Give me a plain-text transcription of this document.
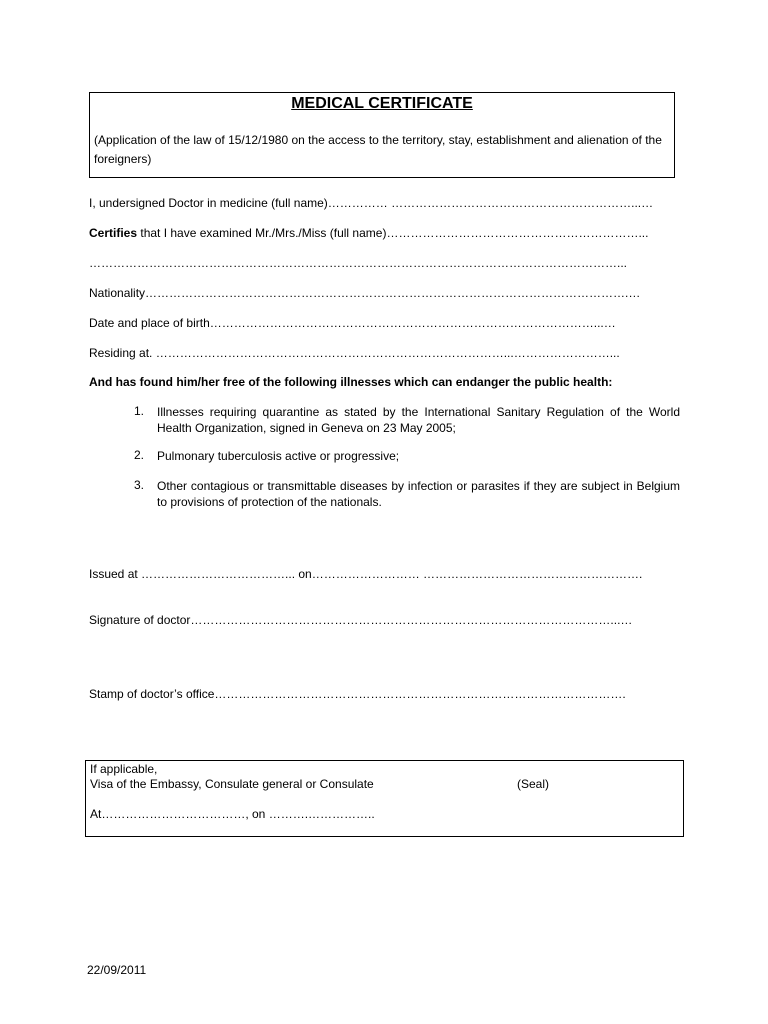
MEDICAL CERTIFICATE
(Application of the law of 15/12/1980 on the access to the territory, stay, establishment and alienation of the foreigners)
I, undersigned Doctor in medicine (full name)…………… ……………………………………………………...…
Certifies that I have examined Mr./Mrs./Miss (full name)………………………………………………………...
……………………………………………………………………………………………………………………...
Nationality………………………………………………………………………………………………………….…
Date and place of birth……………………………………………………………………………………...…
Residing at. ……………………………………………………………………………...……………………...
And has found him/her free of the following illnesses which can endanger the public health:
1. Illnesses requiring quarantine as stated by the International Sanitary Regulation of the World Health Organization, signed in Geneva on 23 May 2005;
2. Pulmonary tuberculosis active or progressive;
3. Other contagious or transmittable diseases by infection or parasites if they are subject in Belgium to provisions of protection of the nationals.
Issued at ………………………………... on……………………… ……………………………………………….
Signature of doctor……………………………………………………………………………………………...…
Stamp of doctor’s office………………………………………………………………………………………….
If applicable,
Visa of the Embassy, Consulate general or Consulate	(Seal)
At………………………………, on ……….……………..
22/09/2011
